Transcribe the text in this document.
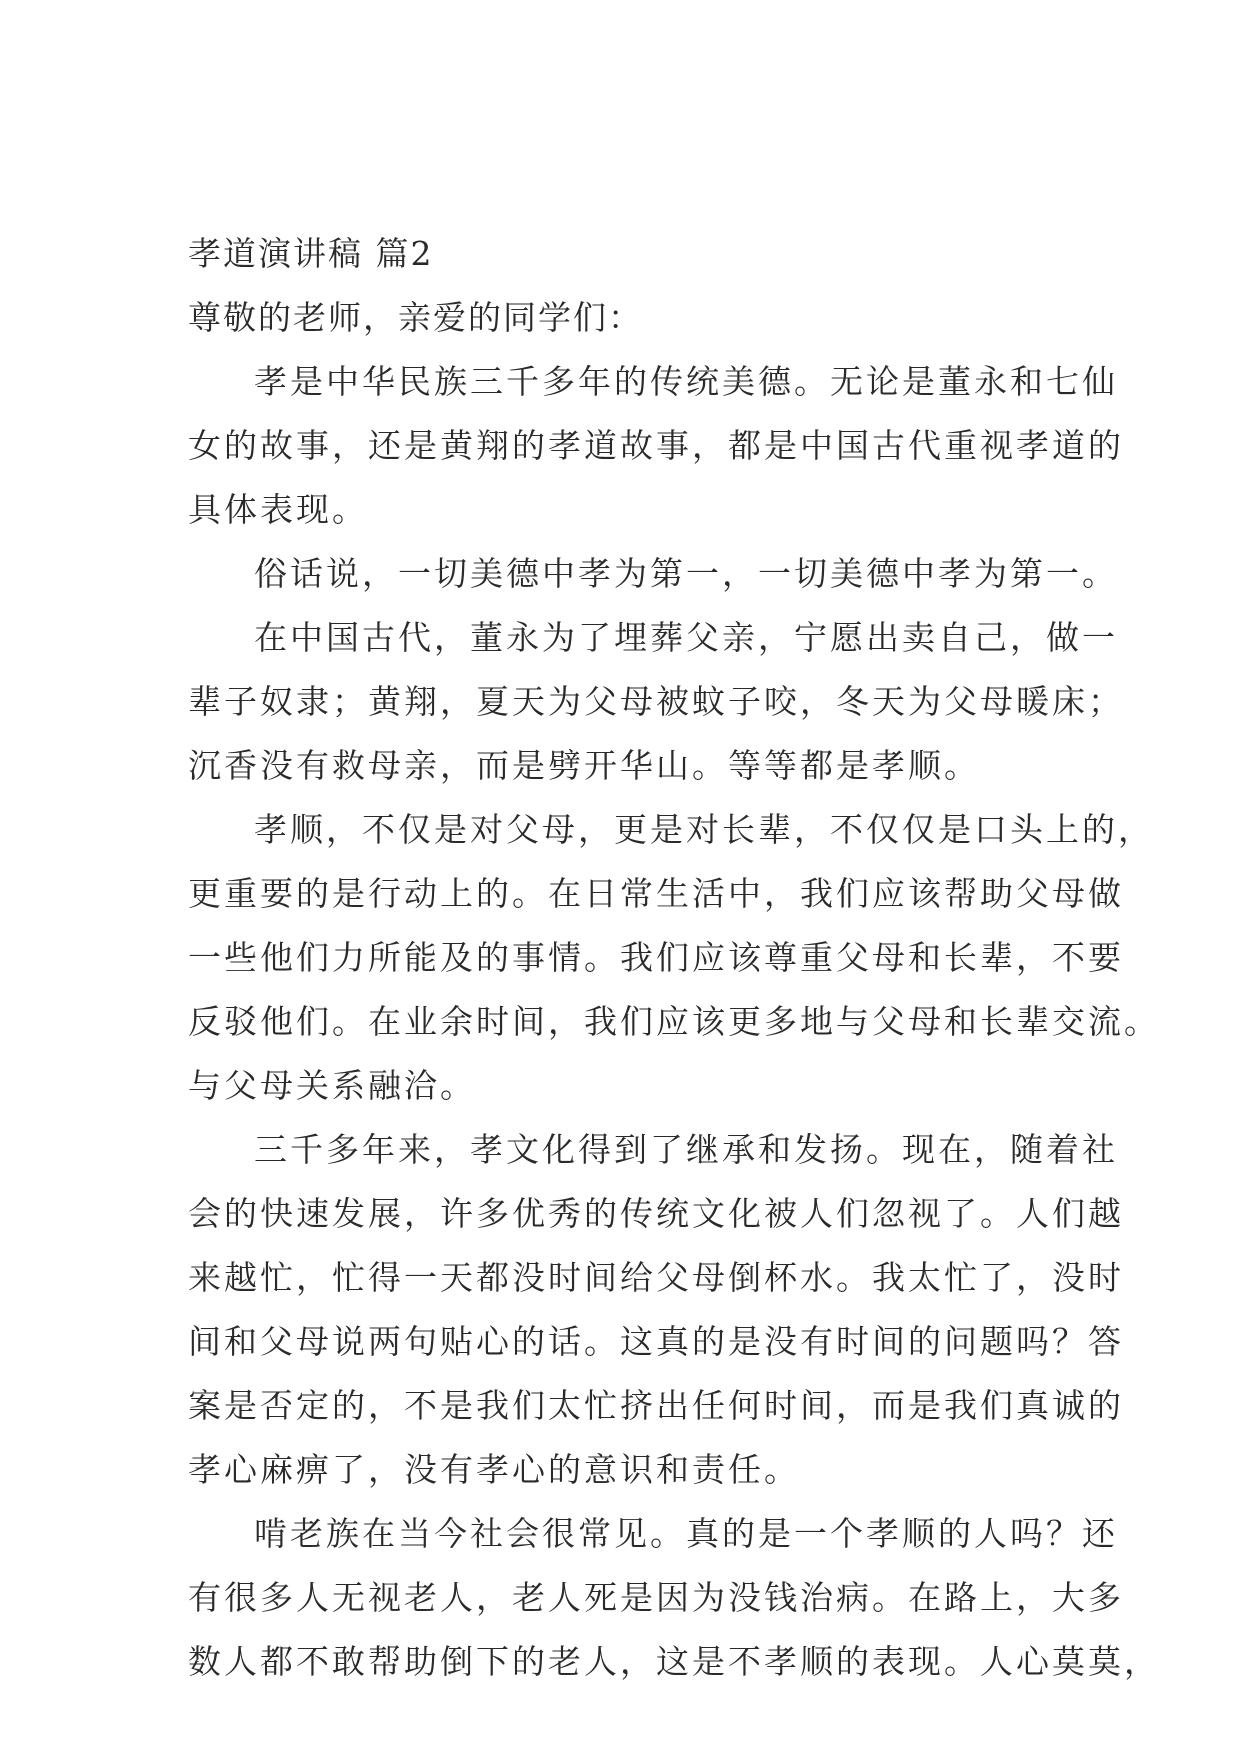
孝道演讲稿 篇2
尊敬的老师，亲爱的同学们：
孝是中华民族三千多年的传统美德。无论是董永和七仙
女的故事，还是黄翔的孝道故事，都是中国古代重视孝道的
具体表现。
俗话说，一切美德中孝为第一，一切美德中孝为第一。
在中国古代，董永为了埋葬父亲，宁愿出卖自己，做一
辈子奴隶；黄翔，夏天为父母被蚊子咬，冬天为父母暖床；
沉香没有救母亲，而是劈开华山。等等都是孝顺。
孝顺，不仅是对父母，更是对长辈，不仅仅是口头上的，
更重要的是行动上的。在日常生活中，我们应该帮助父母做
一些他们力所能及的事情。我们应该尊重父母和长辈，不要
反驳他们。在业余时间，我们应该更多地与父母和长辈交流。
与父母关系融洽。
三千多年来，孝文化得到了继承和发扬。现在，随着社
会的快速发展，许多优秀的传统文化被人们忽视了。人们越
来越忙，忙得一天都没时间给父母倒杯水。我太忙了，没时
间和父母说两句贴心的话。这真的是没有时间的问题吗？答
案是否定的，不是我们太忙挤出任何时间，而是我们真诚的
孝心麻痹了，没有孝心的意识和责任。
啃老族在当今社会很常见。真的是一个孝顺的人吗？还
有很多人无视老人，老人死是因为没钱治病。在路上，大多
数人都不敢帮助倒下的老人，这是不孝顺的表现。人心莫莫，
